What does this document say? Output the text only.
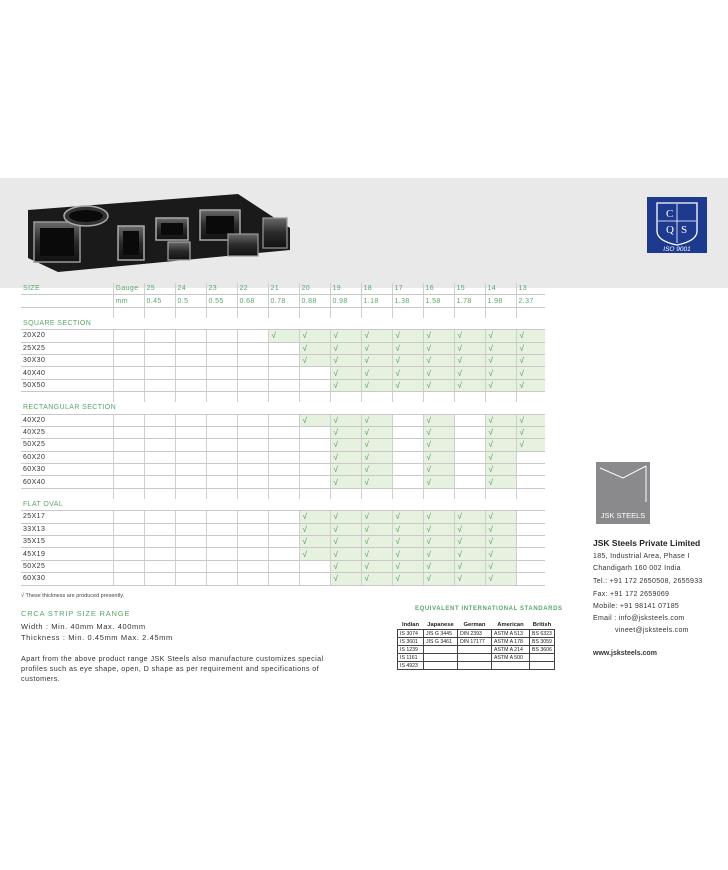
C
S
Q
ISO 9001
SIZE	Gauge	25	24	23	22	21	20	19	18	17	16	15	14	13
	mm	0.45	0.5	0.55	0.68	0.78	0.88	0.98	1.18	1.38	1.58	1.78	1.98	2.37

SQUARE SECTION														
20X20						√	√	√	√	√	√	√	√	√
25X25							√	√	√	√	√	√	√	√
30X30							√	√	√	√	√	√	√	√
40X40								√	√	√	√	√	√	√
50X50								√	√	√	√	√	√	√

RECTANGULAR SECTION														
40X20							√	√	√		√		√	√
40X25								√	√		√		√	√
50X25								√	√		√		√	√
60X20								√	√		√		√	
60X30								√	√		√		√	
60X40								√	√		√		√	

FLAT OVAL														
25X17							√	√	√	√	√	√	√	
33X13							√	√	√	√	√	√	√	
35X15							√	√	√	√	√	√	√	
45X19							√	√	√	√	√	√	√	
50X25								√	√	√	√	√	√	
60X30								√	√	√	√	√	√	
√ These thickness are produced presently.
CRCA STRIP SIZE RANGE
Width : Min. 40mm Max. 400mm
Thickness : Min. 0.45mm Max. 2.45mm
Apart from the above product range JSK Steels also manufacture customizes special profiles such as eye shape, open, D shape as per requirement and specifications of customers.
EQUIVALENT INTERNATIONAL STANDARDS
Indian	Japanese	German	American	British
IS 3074	JIS G 3445	DIN 2393	ASTM A 513	BS 6323
IS 3601	JIS G 3461	DIN 17177	ASTM A 178	BS 3059
IS 1239			ASTM A 214	BS 3606
IS 1161			ASTM A 500	
IS 4923				
JSK STEELS
JSK Steels Private Limited
185, Industrial Area, Phase I
Chandigarh 160 002 India
Tel.: +91 172 2650508, 2655933
Fax: +91 172 2659069
Mobile: +91 98141 07185
Email : info@jsksteels.com
vineet@jsksteels.com
www.jsksteels.com
